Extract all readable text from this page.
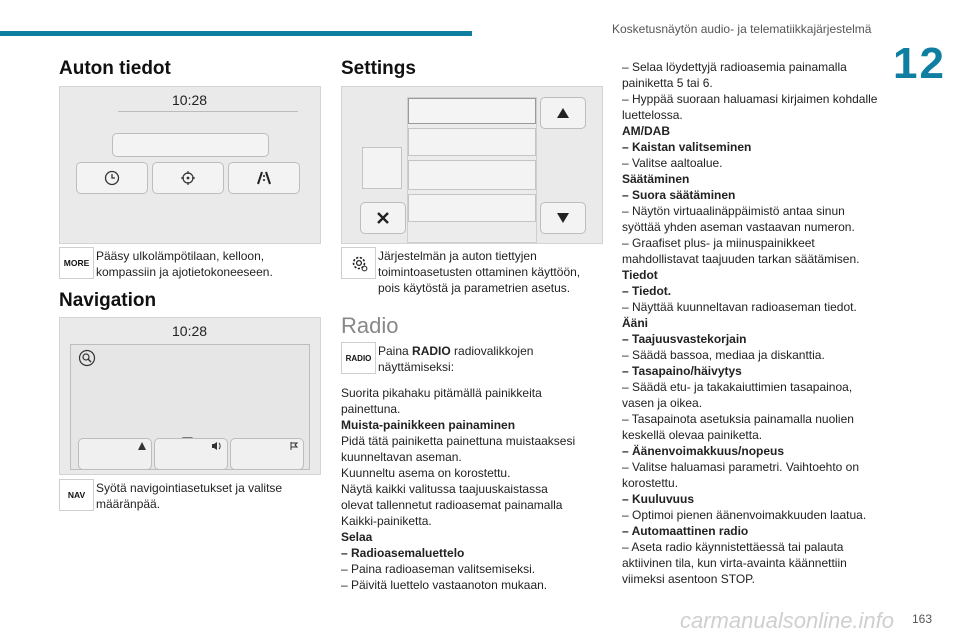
Kosketusnäytön audio- ja telematiikkajärjestelmä
12
Auton tiedot
10:28
MORE Pääsy ulkolämpötilaan, kelloon, kompassiin ja ajotietokoneeseen.
Navigation
10:28
NAV Syötä navigointiasetukset ja valitse määränpää.
Settings
Järjestelmän ja auton tiettyjen toimintoasetusten ottaminen käyttöön, pois käytöstä ja parametrien asetus.
Radio
RADIO Paina RADIO radiovalikkojen näyttämiseksi:

Suorita pikahaku pitämällä painikkeita

painettuna.

Muista-painikkeen painaminen

Pidä tätä painiketta painettuna muistaaksesi

kuunneltavan aseman.

Kuunneltu asema on korostettu.

Näytä kaikki valitussa taajuuskaistassa

olevat tallennetut radioasemat painamalla

Kaikki-painiketta.

Selaa

– Radioasemaluettelo

– Paina radioaseman valitsemiseksi.

– Päivitä luettelo vastaanoton mukaan.

– Selaa löydettyjä radioasemia painamalla

painiketta 5 tai 6.

– Hyppää suoraan haluamasi kirjaimen kohdalle

luettelossa.

AM/DAB

– Kaistan valitseminen

– Valitse aaltoalue.

Säätäminen

– Suora säätäminen

– Näytön virtuaalinäppäimistö antaa sinun

syöttää yhden aseman vastaavan numeron.

– Graafiset plus- ja miinuspainikkeet

mahdollistavat taajuuden tarkan säätämisen.

Tiedot

– Tiedot.

– Näyttää kuunneltavan radioaseman tiedot.

Ääni

– Taajuusvastekorjain

– Säädä bassoa, mediaa ja diskanttia.

– Tasapaino/häivytys

– Säädä etu- ja takakaiuttimien tasapainoa,

vasen ja oikea.

– Tasapainota asetuksia painamalla nuolien

keskellä olevaa painiketta.

– Äänenvoimakkuus/nopeus

– Valitse haluamasi parametri. Vaihtoehto on

korostettu.

– Kuuluvuus

– Optimoi pienen äänenvoimakkuuden laatua.

– Automaattinen radio

– Aseta radio käynnistettäessä tai palauta

aktiivinen tila, kun virta-avainta käännettiin

viimeksi asentoon STOP.

carmanualsonline.info 163
